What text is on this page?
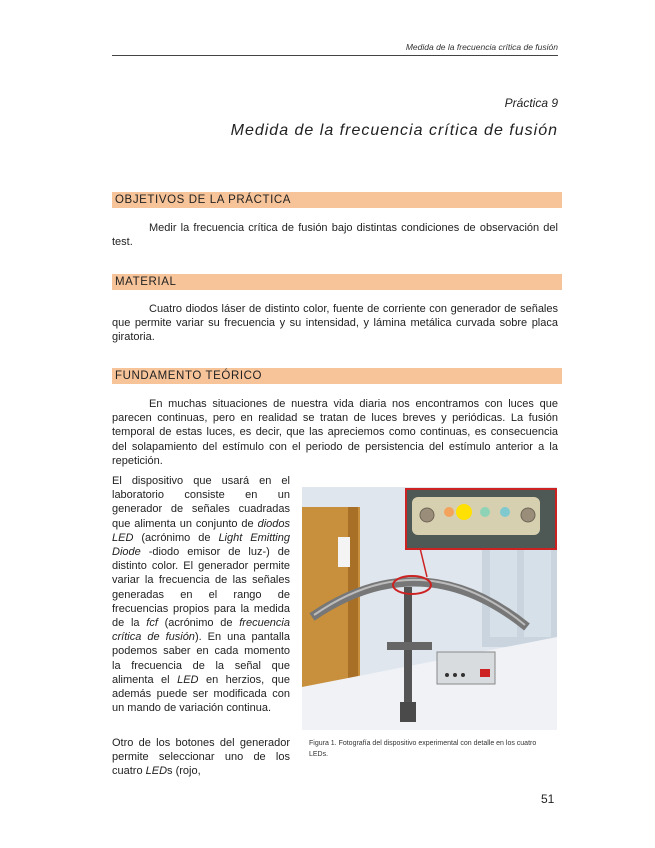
Medida de la frecuencia crítica de fusión
Práctica 9
Medida de la frecuencia crítica de fusión
OBJETIVOS DE LA PRÁCTICA

Medir la frecuencia crítica de fusión bajo distintas condiciones de observación del test.

MATERIAL

Cuatro diodos láser de distinto color, fuente de corriente con generador de señales que permite variar su frecuencia y su intensidad, y lámina metálica curvada sobre placa giratoria.

FUNDAMENTO TEÓRICO

En muchas situaciones de nuestra vida diaria nos encontramos con luces que parecen continuas, pero en realidad se tratan de luces breves y periódicas. La fusión temporal de estas luces, es decir, que las apreciemos como continuas, es consecuencia del solapamiento del estímulo con el periodo de persistencia del estímulo anterior a la repetición.

El dispositivo que usará en el laboratorio consiste en un generador de señales cuadradas que alimenta un conjunto de diodos LED (acrónimo de Light Emitting Diode -diodo emisor de luz-) de distinto color. El generador permite variar la frecuencia de las señales generadas en el rango de frecuencias propios para la medida de la fcf (acrónimo de frecuencia crítica de fusión). En una pantalla podemos saber en cada momento la frecuencia de la señal que alimenta el LED en herzios, que además puede ser modificada con un mando de variación continua.

Otro de los botones del generador permite seleccionar uno de los cuatro LEDs (rojo,

Figura 1. Fotografía del dispositivo experimental con detalle en los cuatro LEDs.
51
